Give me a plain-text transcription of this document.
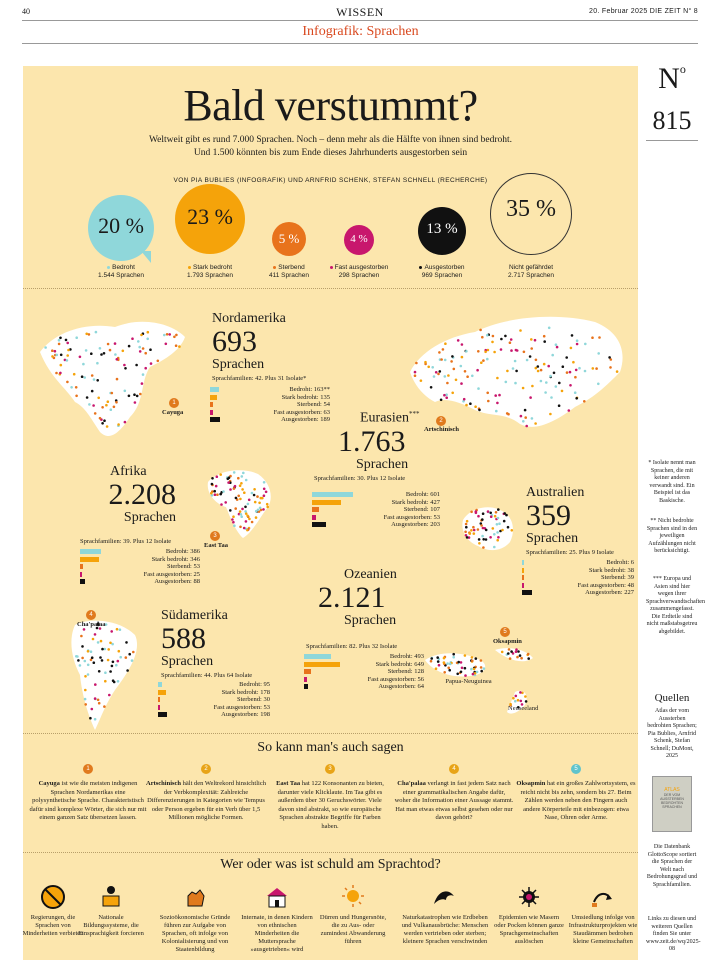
40	WISSEN	20. Februar 2025 DIE ZEIT N° 8
Infografik: Sprachen
$N^o$
815
* Isolate nennt man Sprachen, die mit keiner anderen verwandt sind. Ein Beispiel ist das Baskische.
** Nicht bedrohte Sprachen sind in den jeweiligen Aufzählungen nicht berücksichtigt.
*** Europa und Asien sind hier wegen ihrer Sprachverwandtschaften zusammengefasst. Die Erdteile sind nicht maßstabsgetreu abgebildet.
Quellen
Atlas der vom Aussterben bedrohten Sprachen; Pia Bublies, Arnfrid Schenk, Stefan Schnell; DuMont, 2025
ATLAS
DER VOM AUSSTERBEN BEDROHTEN SPRACHEN
Die Datenbank GlottoScope sortiert die Sprachen der Welt nach Bedrohungsgrad und Sprachfamilien.
Links zu diesen und weiteren Quellen finden Sie unter www.zeit.de/wq/2025-08
Bald verstummt?
Weltweit gibt es rund 7.000 Sprachen. Noch – denn mehr als die Hälfte von ihnen sind bedroht.
Und 1.500 könnten bis zum Ende dieses Jahrhunderts ausgestorben sein
VON PIA BUBLIES (INFOGRAFIK) UND ARNFRID SCHENK, STEFAN SCHNELL (RECHERCHE)
20 %
Bedroht
1.544 Sprachen
23 %
Stark bedroht
1.793 Sprachen
5 %
Sterbend
411 Sprachen
4 %
Fast ausgestorben
298 Sprachen
13 %
Ausgestorben
969 Sprachen
35 %
Nicht gefährdet
2.717 Sprachen
1
Cayuga
2
Artschinisch
3
East Taa
4
Cha'palaa
5
Oksapmin
Papua-Neuguinea
Neuseeland
Nordamerika
693
Sprachen
Sprachfamilien: 42. Plus 31 Isolate*
Bedroht: 163**
Stark bedroht: 135
Sterbend: 54
Fast ausgestorben: 63
Ausgestorben: 189 Eurasien***
1.763
Sprachen
Sprachfamilien: 30. Plus 12 Isolate
Bedroht: 601
Stark bedroht: 427
Sterbend: 107
Fast ausgestorben: 53
Ausgestorben: 203
Afrika
2.208
Sprachen
Sprachfamilien: 39. Plus 12 Isolate
Bedroht: 386
Stark bedroht: 346
Sterbend: 53
Fast ausgestorben: 25
Ausgestorben: 88
Australien
359
Sprachen
Sprachfamilien: 25. Plus 9 Isolate
Bedroht: 6
Stark bedroht: 38
Sterbend: 39
Fast ausgestorben: 48
Ausgestorben: 227
Ozeanien
2.121
Sprachen
Sprachfamilien: 82. Plus 32 Isolate
Bedroht: 493
Stark bedroht: 649
Sterbend: 128
Fast ausgestorben: 56
Ausgestorben: 64
Südamerika
588
Sprachen
Sprachfamilien: 44. Plus 64 Isolate
Bedroht: 95
Stark bedroht: 178
Sterbend: 30
Fast ausgestorben: 53
Ausgestorben: 198
So kann man's auch sagen
1
Cayuga ist wie die meisten indigenen Sprachen Nordamerikas eine polysynthetische Sprache. Charakteristisch dafür sind komplexe Wörter, die sich nur mit einem ganzen Satz übersetzen lassen.
2
Artschinisch hält den Weltrekord hinsichtlich der Verbkomplexität: Zahlreiche Differenzierungen in Kategorien wie Tempus oder Person ergeben für ein Verb über 1,5 Millionen mögliche Formen.
3
East Taa hat 122 Konsonanten zu bieten, darunter viele Klicklaute. Im Taa gibt es außerdem über 30 Geruchswörter. Viele davon sind abstrakt, so wie europäische Sprachen abstrakte Begriffe für Farben haben.
4
Cha'palaa verlangt in fast jedem Satz nach einer grammatikalischen Angabe dafür, woher die Information einer Aussage stammt. Hat man etwas etwas selbst gesehen oder nur davon gehört?
5
Oksapmin hat ein großes Zahlwortsystem, es reicht nicht bis zehn, sondern bis 27. Beim Zählen werden neben den Fingern auch andere Körperteile mit einbezogen: etwa Nase, Ohren oder Arme.
Wer oder was ist schuld am Sprachtod?
Regierungen, die Sprachen von Minderheiten verbieten
Nationale Bildungssysteme, die Einsprachigkeit forcieren
Sozioökonomische Gründe führen zur Aufgabe von Sprachen, oft infolge von Kolonialisierung und von Staatenbildung
Internate, in denen Kindern von ethnischen Minderheiten die Muttersprache »ausgetrieben« wird
Dürren und Hungersnöte, die zu Aus- oder zumindest Abwanderung führen
Naturkatastrophen wie Erdbeben und Vulkanausbrüche: Menschen werden vertrieben oder sterben; kleinere Sprachen verschwinden
Epidemien wie Masern oder Pocken können ganze Sprachgemeinschaften auslöschen
Umsiedlung infolge von Infrastrukturprojekten wie Staudämmen bedrohen kleine Gemeinschaften
